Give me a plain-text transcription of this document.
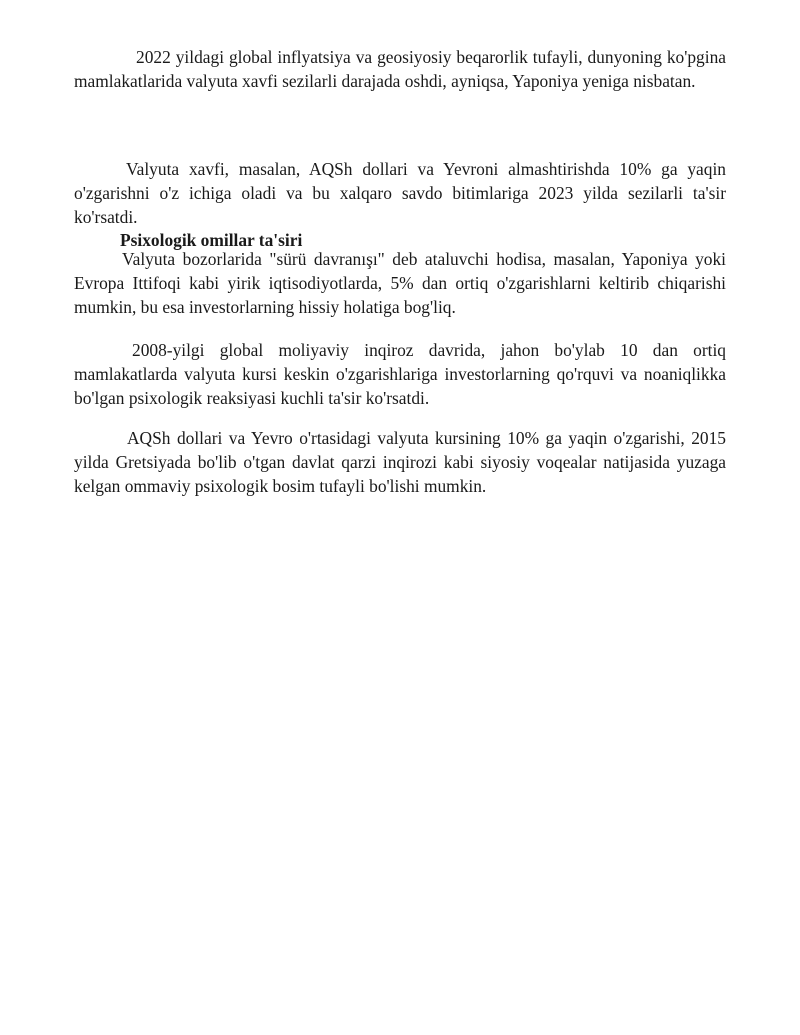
2022 yildagi global inflyatsiya va geosiyosiy beqarorlik tufayli, dunyoning ko'pgina mamlakatlarida valyuta xavfi sezilarli darajada oshdi, ayniqsa, Yaponiya yeniga nisbatan.

Valyuta xavfi, masalan, AQSh dollari va Yevroni almashtirishda 10% ga yaqin o'zgarishni o'z ichiga oladi va bu xalqaro savdo bitimlariga 2023 yilda sezilarli ta'sir ko'rsatdi.

Psixologik omillar ta'siri

Valyuta bozorlarida "sürü davranışı" deb ataluvchi hodisa, masalan, Yaponiya yoki Evropa Ittifoqi kabi yirik iqtisodiyotlarda, 5% dan ortiq o'zgarishlarni keltirib chiqarishi mumkin, bu esa investorlarning hissiy holatiga bog'liq.

2008-yilgi global moliyaviy inqiroz davrida, jahon bo'ylab 10 dan ortiq mamlakatlarda valyuta kursi keskin o'zgarishlariga investorlarning qo'rquvi va noaniqlikka bo'lgan psixologik reaksiyasi kuchli ta'sir ko'rsatdi.

AQSh dollari va Yevro o'rtasidagi valyuta kursining 10% ga yaqin o'zgarishi, 2015 yilda Gretsiyada bo'lib o'tgan davlat qarzi inqirozi kabi siyosiy voqealar natijasida yuzaga kelgan ommaviy psixologik bosim tufayli bo'lishi mumkin.
